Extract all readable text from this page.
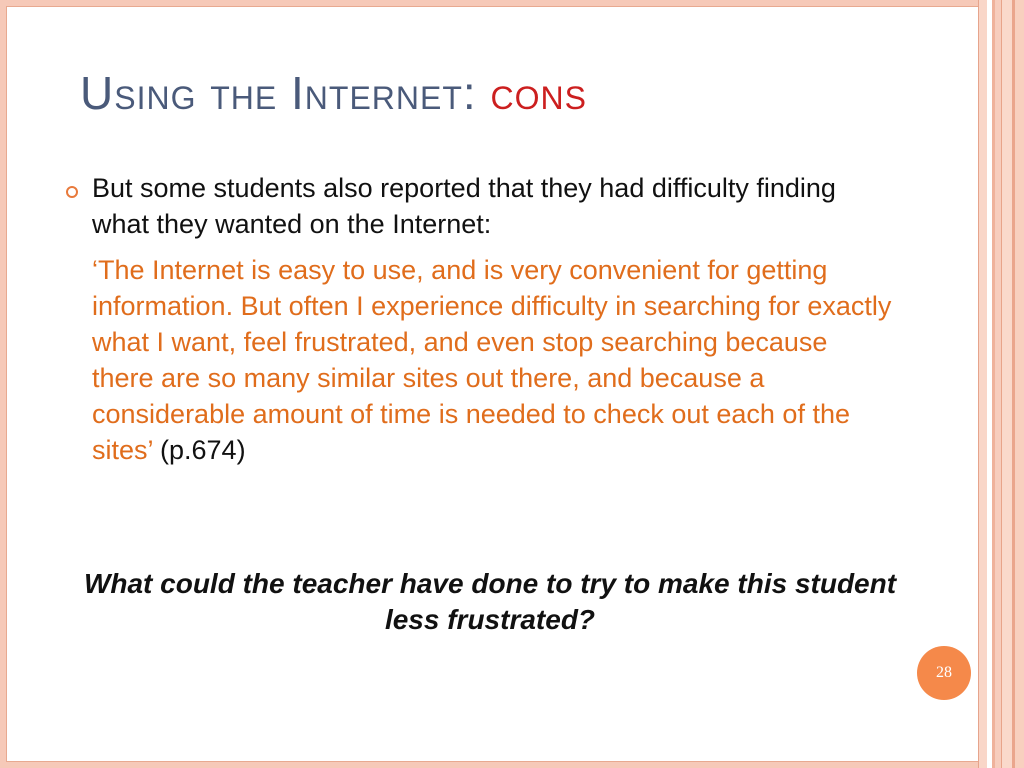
Using the Internet: cons
But some students also reported that they had difficulty finding what they wanted on the Internet:
‘The Internet is easy to use, and is very convenient for getting information. But often I experience difficulty in searching for exactly what I want, feel frustrated, and even stop searching because there are so many similar sites out there, and because a considerable amount of time is needed to check out each of the sites’ (p.674)
What could the teacher have done to try to make this student less frustrated?
28
